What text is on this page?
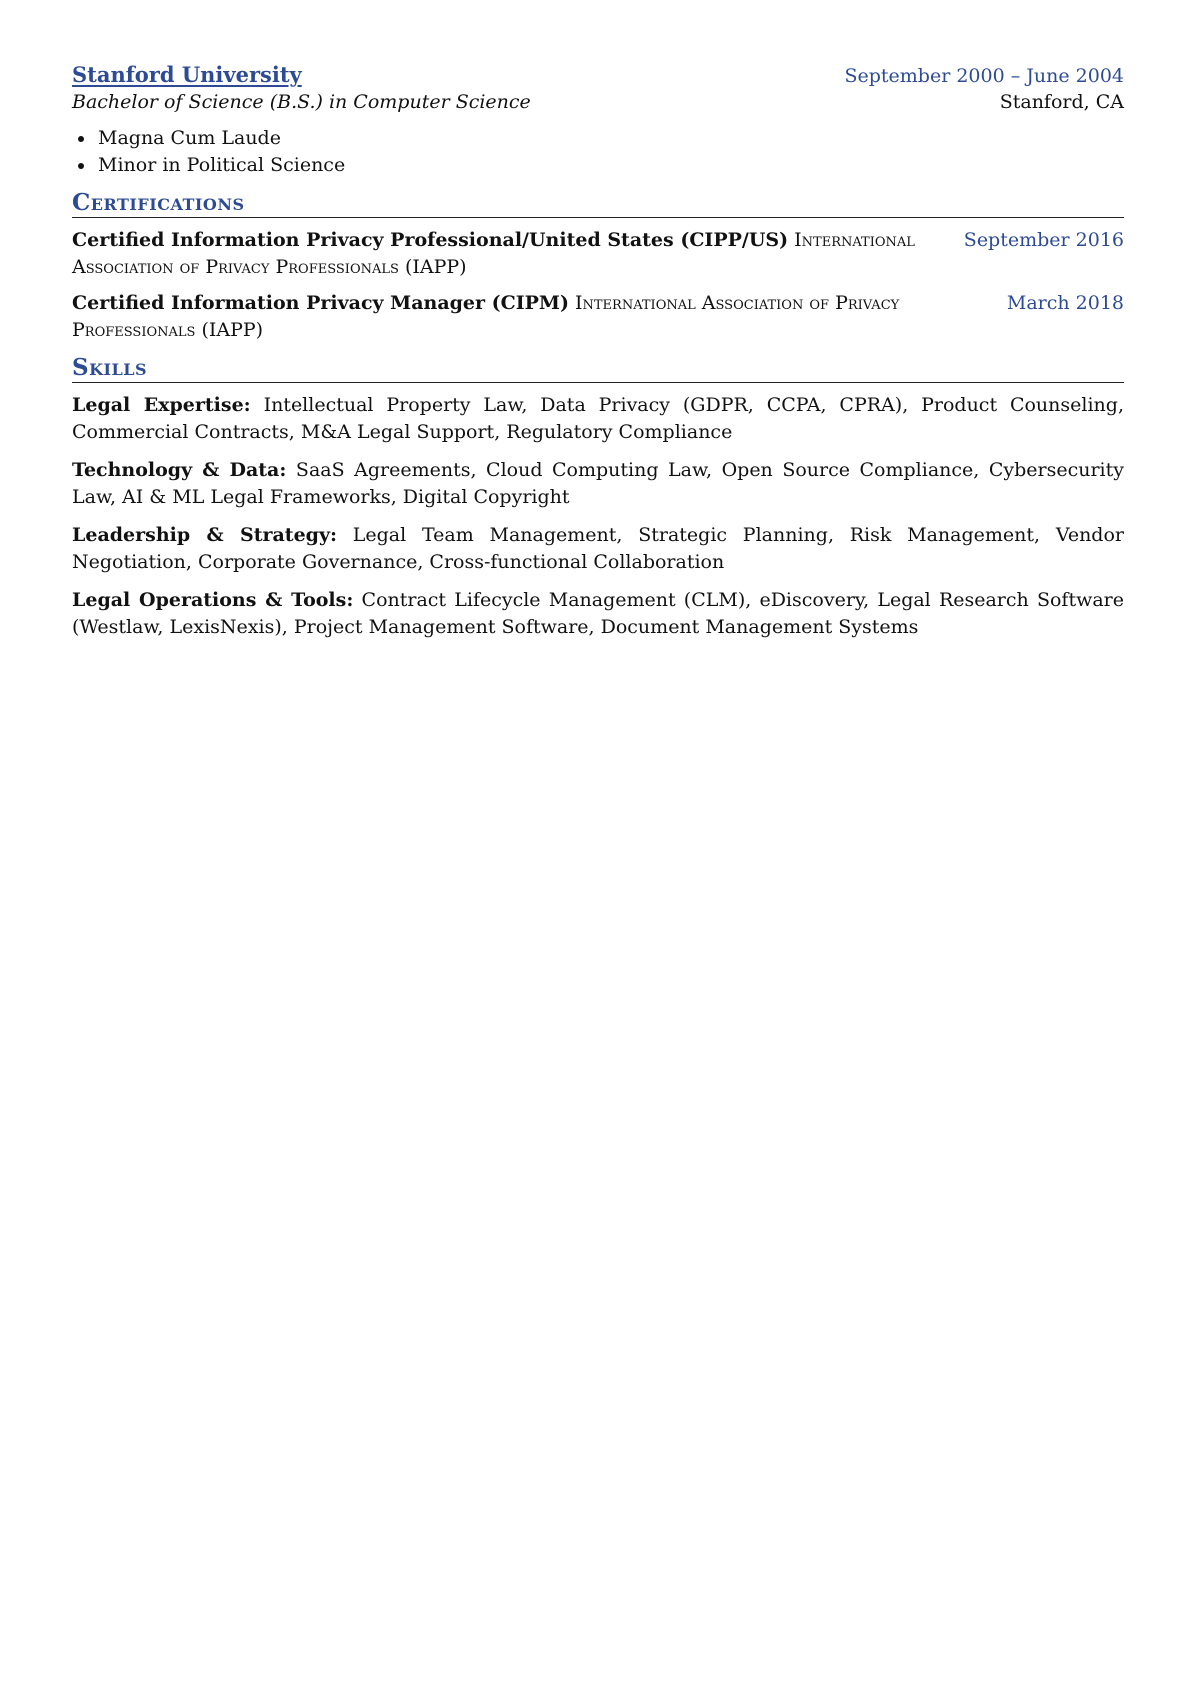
Stanford University	September 2000 – June 2004
Bachelor of Science (B.S.) in Computer Science	Stanford, CA
• Magna Cum Laude
• Minor in Political Science
Certifications
Certified Information Privacy Professional/United States (CIPP/US) International Association of Privacy Professionals (IAPP)
September 2016
Certified Information Privacy Manager (CIPM) International Association of Privacy Professionals (IAPP)
March 2018
Skills
Legal Expertise: Intellectual Property Law, Data Privacy (GDPR, CCPA, CPRA), Product Counseling, Commercial Contracts, M&A Legal Support, Regulatory Compliance
Technology & Data: SaaS Agreements, Cloud Computing Law, Open Source Compliance, Cybersecurity Law, AI & ML Legal Frameworks, Digital Copyright
Leadership & Strategy: Legal Team Management, Strategic Planning, Risk Management, Vendor Negotiation, Corporate Governance, Cross-functional Collaboration
Legal Operations & Tools: Contract Lifecycle Management (CLM), eDiscovery, Legal Research Software (Westlaw, LexisNexis), Project Management Software, Document Management Systems
